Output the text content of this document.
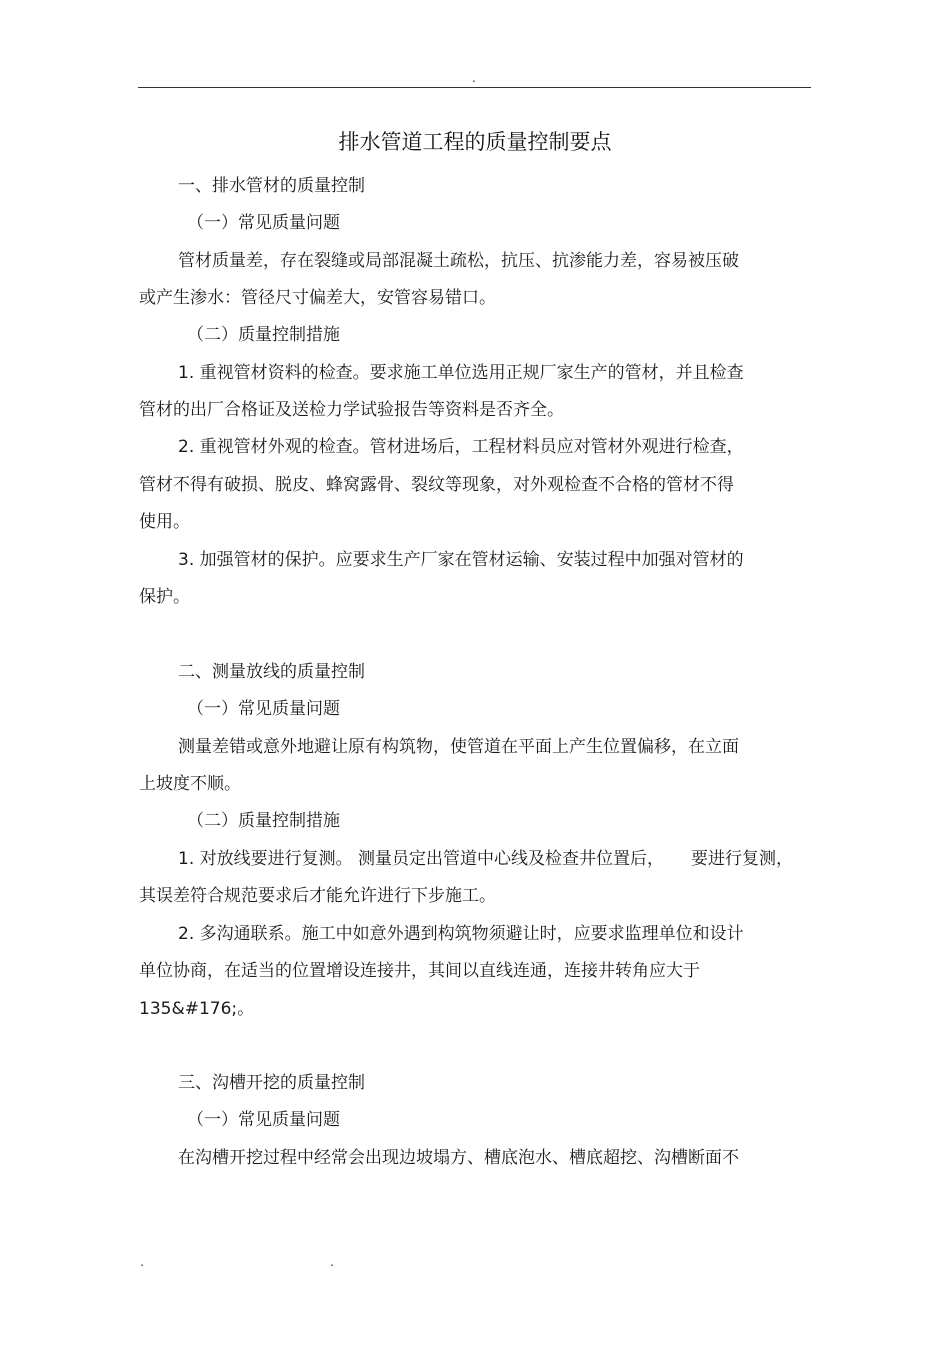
.
排水管道工程的质量控制要点
一、排水管材的质量控制
（一）常见质量问题
管材质量差，存在裂缝或局部混凝土疏松，抗压、抗渗能力差，容易被压破
或产生渗水：管径尺寸偏差大，安管容易错口。
（二）质量控制措施
1. 重视管材资料的检查。要求施工单位选用正规厂家生产的管材，并且检查
管材的出厂合格证及送检力学试验报告等资料是否齐全。
2. 重视管材外观的检查。管材进场后，工程材料员应对管材外观进行检查，
管材不得有破损、脱皮、蜂窝露骨、裂纹等现象，对外观检查不合格的管材不得
使用。
3. 加强管材的保护。应要求生产厂家在管材运输、安装过程中加强对管材的
保护。
二、测量放线的质量控制
（一）常见质量问题
测量差错或意外地避让原有构筑物，使管道在平面上产生位置偏移，在立面
上坡度不顺。
（二）质量控制措施
1. 对放线要进行复测。 测量员定出管道中心线及检查井位置后，     要进行复测，
其误差符合规范要求后才能允许进行下步施工。
2. 多沟通联系。施工中如意外遇到构筑物须避让时，应要求监理单位和设计
单位协商，在适当的位置增设连接井，其间以直线连通，连接井转角应大于
135&#176;。
三、沟槽开挖的质量控制
（一）常见质量问题
在沟槽开挖过程中经常会出现边坡塌方、槽底泡水、槽底超挖、沟槽断面不
.	.
